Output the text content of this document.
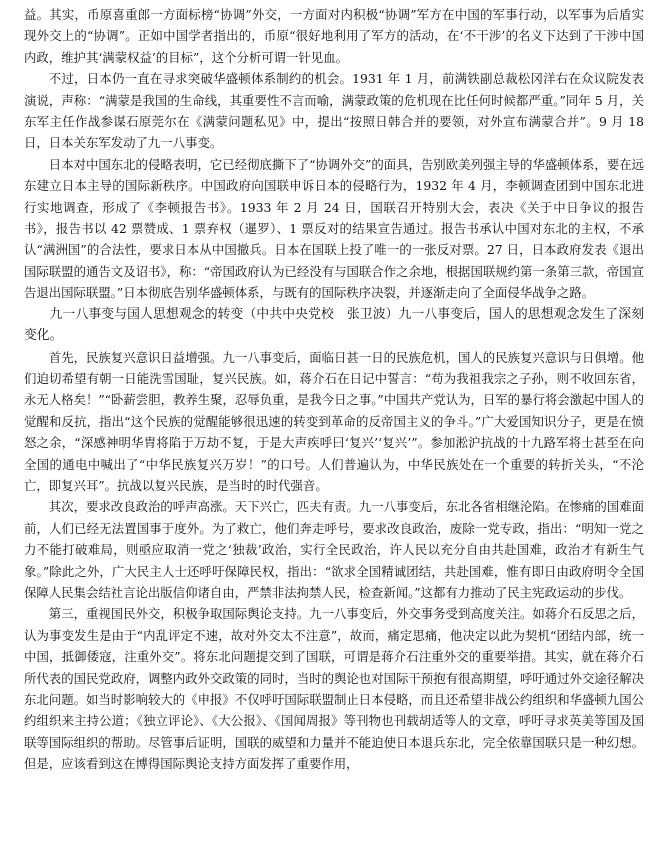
益。其实，币原喜重郎一方面标榜“协调”外交，一方面对内积极“协调”军方在中国的军事行动，以军事为后盾实现外交上的“协调”。正如中国学者指出的，币原“很好地利用了军方的活动，在‘不干涉’的名义下达到了干涉中国内政，维护其‘满蒙权益’的目标”，这个分析可谓一针见血。

不过，日本仍一直在寻求突破华盛顿体系制约的机会。1931 年 1 月，前满铁副总裁松冈洋右在众议院发表演说，声称：“满蒙是我国的生命线，其重要性不言而喻，满蒙政策的危机现在比任何时候都严重。”同年 5 月，关东军主任作战参谋石原莞尔在《满蒙问题私见》中，提出“按照日韩合并的要领，对外宣布满蒙合并”。9 月 18 日，日本关东军发动了九一八事变。

日本对中国东北的侵略表明，它已经彻底撕下了“协调外交”的面具，告别欧美列强主导的华盛顿体系，要在远东建立日本主导的国际新秩序。中国政府向国联申诉日本的侵略行为，1932 年 4 月，李顿调查团到中国东北进行实地调查，形成了《李顿报告书》。1933 年 2 月 24 日，国联召开特别大会，表决《关于中日争议的报告书》，报告书以 42 票赞成、1 票弃权（暹罗）、1 票反对的结果宣告通过。报告书承认中国对东北的主权，不承认“满洲国”的合法性，要求日本从中国撤兵。日本在国联上投了唯一的一张反对票。27 日，日本政府发表《退出国际联盟的通告文及诏书》，称：“帝国政府认为已经没有与国联合作之余地，根据国联规约第一条第三款，帝国宣告退出国际联盟。”日本彻底告别华盛顿体系，与既有的国际秩序决裂，并逐渐走向了全面侵华战争之路。

九一八事变与国人思想观念的转变（中共中央党校　张卫波）九一八事变后，国人的思想观念发生了深刻变化。

首先，民族复兴意识日益增强。九一八事变后，面临日甚一日的民族危机，国人的民族复兴意识与日俱增。他们迫切希望有朝一日能洗雪国耻，复兴民族。如，蒋介石在日记中誓言：“苟为我祖我宗之子孙，则不收回东省，永无人格矣！”“卧薪尝胆，教养生聚，忍辱负重，是我今日之事。”中国共产党认为，日军的暴行将会激起中国人的觉醒和反抗，指出“这个民族的觉醒能够很迅速的转变到革命的反帝国主义的争斗。”广大爱国知识分子，更是在愤怒之余，“深感神明华胄将陷于万劫不复，于是大声疾呼曰‘复兴’‘复兴’”。参加淞沪抗战的十九路军将士甚至在向全国的通电中喊出了“中华民族复兴万岁！”的口号。人们普遍认为，中华民族处在一个重要的转折关头，“不沦亡，即复兴耳”。抗战以复兴民族，是当时的时代强音。

其次，要求改良政治的呼声高涨。天下兴亡，匹夫有责。九一八事变后，东北各省相继沦陷。在惨痛的国难面前，人们已经无法置国事于度外。为了救亡，他们奔走呼号，要求改良政治，废除一党专政，指出：“明知一党之力不能打破难局，则亟应取消一党之‘独裁’政治，实行全民政治，许人民以充分自由共赴国难，政治才有新生气象。”除此之外，广大民主人士还呼吁保障民权，指出：“欲求全国精诚团结，共赴国难，惟有即日由政府明令全国保障人民集会结社言论出版信仰诸自由，严禁非法拘禁人民，检查新闻。”这都有力推动了民主宪政运动的步伐。

第三，重视国民外交，积极争取国际舆论支持。九一八事变后，外交事务受到高度关注。如蒋介石反思之后，认为事变发生是由于“内乱评定不速，故对外交太不注意”，故而，痛定思痛，他决定以此为契机“团结内部，统一中国，抵御倭寇，注重外交”。将东北问题提交到了国联，可谓是蒋介石注重外交的重要举措。其实，就在蒋介石所代表的国民党政府，调整内政外交政策的同时，当时的舆论也对国际干预抱有很高期望，呼吁通过外交途径解决东北问题。如当时影响较大的《申报》不仅呼吁国际联盟制止日本侵略，而且还希望非战公约组织和华盛顿九国公约组织来主持公道；《独立评论》、《大公报》、《国闻周报》等刊物也刊载胡适等人的文章，呼吁寻求英美等国及国联等国际组织的帮助。尽管事后证明，国联的威望和力量并不能迫使日本退兵东北，完全依靠国联只是一种幻想。但是，应该看到这在博得国际舆论支持方面发挥了重要作用，
